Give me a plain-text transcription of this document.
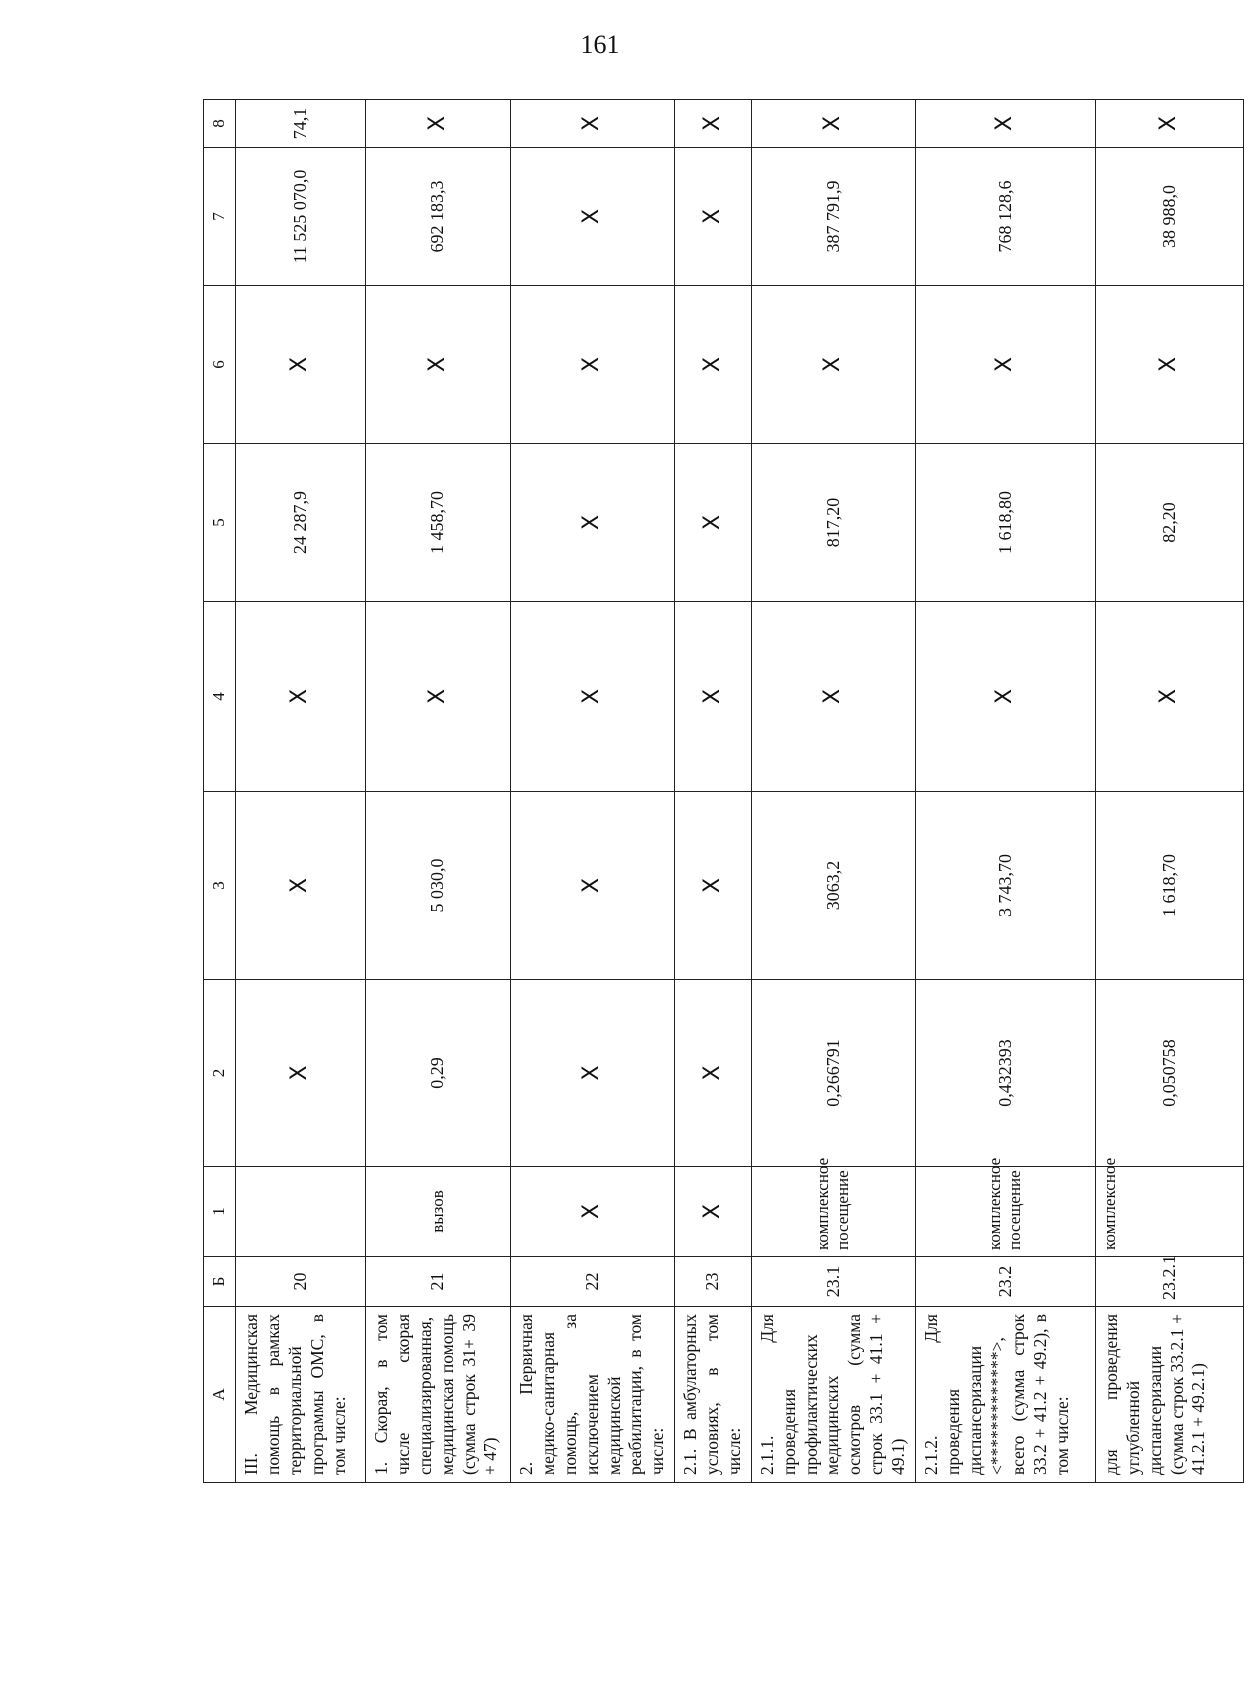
161
А	Б	1	2	3	4	5	6	7	8
III. Медицинская помощь в рамках территориальной программы ОМС, в том числе:	20		Х	Х	Х	24 287,9	Х	11 525 070,0	74,1
1. Скорая, в том числе скорая специализированная, медицинская помощь (сумма строк 31+ 39 + 47)	21	вызов	0,29	5 030,0	Х	1 458,70	Х	692 183,3	Х
2. Первичная медико-санитарная помощь, за исключением медицинской реабилитации, в том числе:	22	Х	Х	Х	Х	Х	Х	Х	Х
2.1. В амбулаторных условиях, в том числе:	23	Х	Х	Х	Х	Х	Х	Х	Х
2.1.1. Для проведения профилактических медицинских осмотров (сумма строк 33.1 + 41.1 + 49.1)	23.1	комплексное посещение	0,266791	3063,2	Х	817,20	Х	387 791,9	Х
2.1.2. Для проведения диспансеризации <*************>, всего (сумма строк 33.2 + 41.2 + 49.2), в том числе:	23.2	комплексное посещение	0,432393	3 743,70	Х	1 618,80	Х	768 128,6	Х
для проведения углубленной диспансеризации (сумма строк 33.2.1 + 41.2.1 + 49.2.1)	23.2.1	комплексное	0,050758	1 618,70	Х	82,20	Х	38 988,0	Х
